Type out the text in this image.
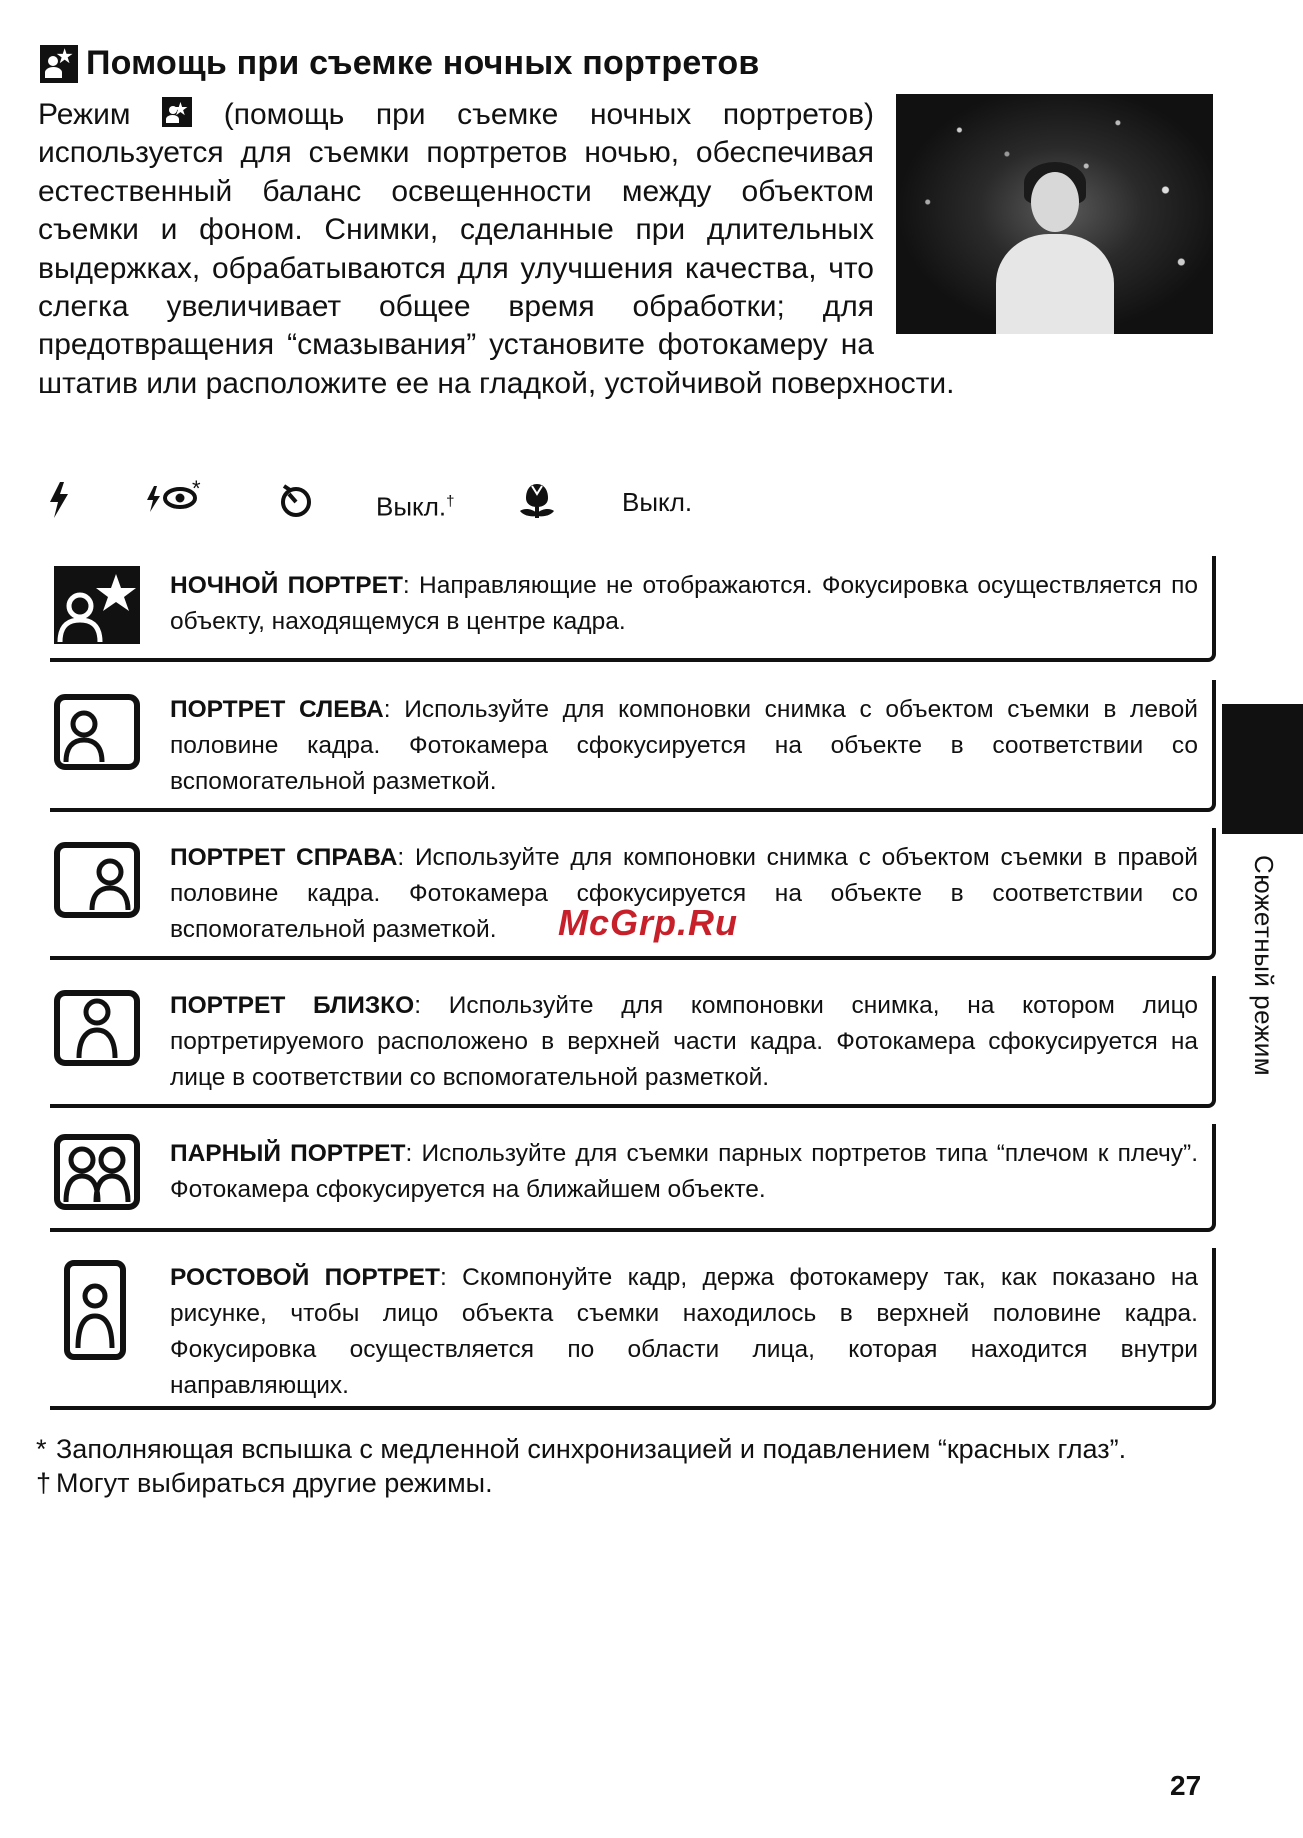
★ Помощь при съемке ночных портретов
Режим ★ (помощь при съемке ночных портретов) используется для съемки портретов ночью, обеспечивая естественный баланс освещенности между объектом съемки и фоном. Снимки, сделанные при длительных выдержках, обрабатываются для улучшения качества, что слегка увеличивает общее время обработки; для предотвращения “смазывания” установите фотокамеру на штатив или расположите ее на гладкой, устойчивой поверхности.
*
Выкл.†	Выкл.
НОЧНОЙ ПОРТРЕТ: Направляющие не отображаются. Фокусировка осуществляется по объекту, находящемуся в центре кадра.
ПОРТРЕТ СЛЕВА: Используйте для компоновки снимка с объектом съемки в левой половине кадра. Фотокамера сфокусируется на объекте в соответствии со вспомогательной разметкой.
ПОРТРЕТ СПРАВА: Используйте для компоновки снимка с объектом съемки в правой половине кадра. Фотокамера сфокусируется на объекте в соответствии со вспомогательной разметкой.
ПОРТРЕТ БЛИЗКО: Используйте для компоновки снимка, на котором лицо портретируемого расположено в верхней части кадра. Фотокамера сфокусируется на лице в соответствии со вспомогательной разметкой.
ПАРНЫЙ ПОРТРЕТ: Используйте для съемки парных портретов типа “плечом к плечу”. Фотокамера сфокусируется на ближайшем объекте.
РОСТОВОЙ ПОРТРЕТ: Скомпонуйте кадр, держа фотокамеру так, как показано на рисунке, чтобы лицо объекта съемки находилось в верхней половине кадра. Фокусировка осуществляется по области лица, которая находится внутри направляющих.
McGrp.Ru	Сюжетный режим
* Заполняющая вспышка с медленной синхронизацией и подавлением “красных глаз”.
† Могут выбираться другие режимы.
27
